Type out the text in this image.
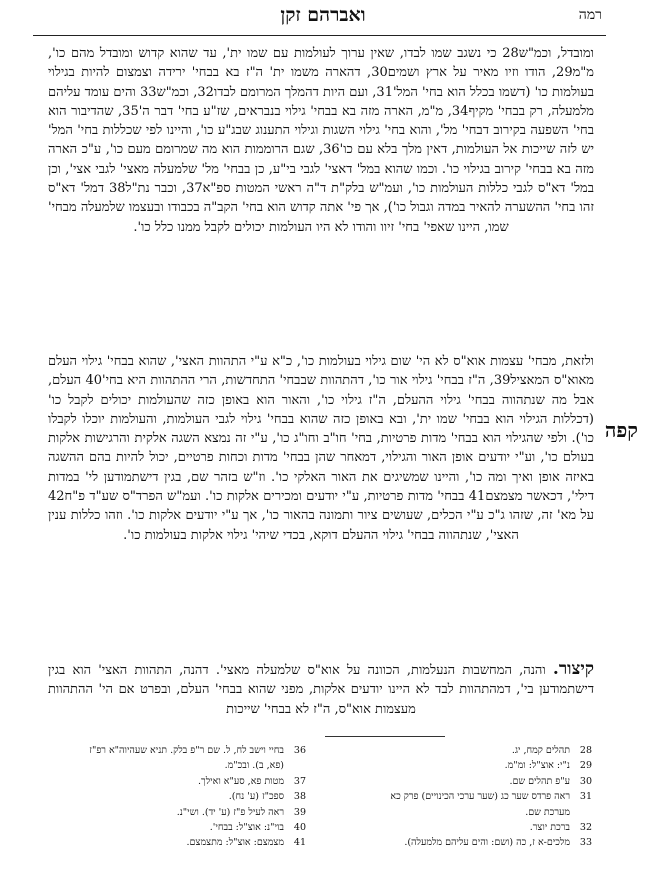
רמה
ואברהם זקן
ומובדל, וכמ"ש28 כי נשגב שמו לבדו, שאין ערוך לעולמות עם שמו ית', עד שהוא קדוש ומובדל מהם כו', מ"מ29, הודו וזיו מאיר על ארץ ושמים30, דהארה משמו ית' ה"ז בא בבחי' ירידה וצמצום להיות בגילוי בעולמות כו' (דשמו בכלל הוא בחי' המל'31, ועם היות דהמלך המרומם לבדו32, וכמ"ש33 והים עומד עליהם מלמעלה, רק בבחי' מקיף34, מ"מ, הארה מזה בא בבחי' גילוי בנבראים, שז"ע בחי' דבר ה'35, שהדיבור הוא בחי' השפעה בקירוב דבחי' מל', והוא בחי' גילוי השגות וגילוי התענוג שבג"ע כו', והיינו לפי שכללות בחי' המל' יש לזה שייכות אל העולמות, דאין מלך בלא עם כו'36, שגם הרוממות הוא מה שמרומם מעם כו', ע"כ הארה מזה בא בבחי' קירוב בגילוי כו'. וכמו שהוא במל' דאצי' לגבי בי"ע, כן בבחי' מל' שלמעלה מאצי' לגבי אצי', וכן במל' דא"ס לגבי כללות העולמות כו', ועמ"ש בלק"ת ד"ה ראשי המטות ספ"א37, וכבר נת"ל38 דמל' דא"ס זהו בחי' ההשערה להאיר במדה וגבול כו'), אך פי' אתה קדוש הוא בחי' הקב"ה בכבודו ובעצמו שלמעלה מבחי' שמו, היינו שאפי' בחי' זיוו והודו לא היו העולמות יכולים לקבל ממנו כלל כו'.
קפה
ולזאת, מבחי' עצמות אוא"ס לא הי' שום גילוי בעולמות כו', כ"א ע"י התהוות האצי', שהוא בבחי' גילוי העלם מאוא"ס המאציל39, ה"ז בבחי' גילוי אור כו', דהתהוות שבבחי' התחדשות, הרי ההתהוות היא בחי'40 העלם, אבל מה שנתהווה בבחי' גילוי ההעלם, ה"ז גילוי כו', והאור הוא באופן כזה שהעולמות יכולים לקבל כו' (דכללות הגילוי הוא בבחי' שמו ית', ובא באופן כזה שהוא בבחי' גילוי לגבי העולמות, והעולמות יוכלו לקבלו כו'). ולפי שהגילוי הוא בבחי' מדות פרטיות, בחי' חו"ב וחו"ג כו', ע"י זה נמצא השגה אלקית והרגישות אלקות בעולם כו', וע"י יודעים אופן האור והגילוי, דמאחר שהן בבחי' מדות וכחות פרטיים, יכול להיות בהם ההשגה באיזה אופן ואיך ומה כו', והיינו שמשיגים את האור האלקי כו'. וז"ש בזהר שם, בגין דישתמודען לי' במדות דילי', דכאשר מצמצם41 בבחי' מדות פרטיות, ע"י יודעים ומכירים אלקות כו'. ועמ"ש הפרד"ס שע"ד פ"ח42 על מא' זה, שזהו ג"כ ע"י הכלים, שעושים ציור ותמונה בהאור כו', אך ע"י יודעים אלקות כו'. וזהו כללות ענין האצי', שנתהווה בבחי' גילוי ההעלם דוקא, בכדי שיהי' גילוי אלקות בעולמות כו'.
קיצור. והנה, המחשבות הנעלמות, הכוונה על אוא"ס שלמעלה מאצי'. דהנה, התהוות האצי' הוא בגין דישתמודען בי', דמהתהוות לבד לא היינו יודעים אלקות, מפני שהוא בבחי' העלם, ובפרט אם הי' ההתהוות מעצמות אוא"ס, ה"ז לא בבחי' שייכות
28תהלים קמח, יג.
29נ"י: אוצ"ל: ומ"מ.
30ע"פ תהלים שם.
31ראה פרדס שער כג (שער ערכי הכינויים) פרק כא
מערכת שם.
32ברכת יוצר.
33מלכים-א ז, כה (ושם: והים עליהם מלמעלה).
36בחיי וישב לח, ל. שם ר"פ בלק. תניא שעהיוה"א רפ"ז
(פא, ב). ובכ"מ.
37מטות פא, סע"א ואילך.
38ספכ"ז (ע' נח).
39ראה לעיל פ"ז (ע' יד). ושי"נ.
40בוי"נ: אוצ"ל: בבחי'.
41מצמצם: אוצ"ל: מתצמצם.
